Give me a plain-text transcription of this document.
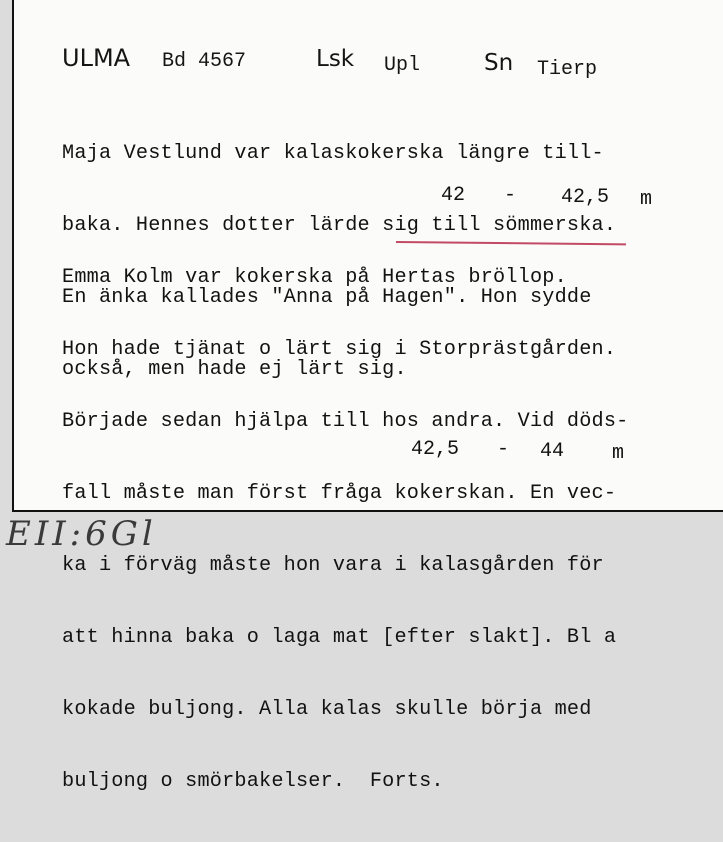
ULMA Bd 4567	Lsk Upl	Sn Tierp

Maja Vestlund var kalaskokerska längre till-

baka. Hennes dotter lärde sig till sömmerska.

En änka kallades "Anna på Hagen". Hon sydde

också, men hade ej lärt sig.

42 - 42,5 m

Emma Kolm var kokerska på Hertas bröllop.

Hon hade tjänat o lärt sig i Storprästgården.

Började sedan hjälpa till hos andra. Vid döds-

fall måste man först fråga kokerskan. En vec-

ka i förväg måste hon vara i kalasgården för

att hinna baka o laga mat [efter slakt]. Bl a

kokade buljong. Alla kalas skulle börja med

buljong o smörbakelser.  Forts.

42,5 - 44 m
EII:6Gl
